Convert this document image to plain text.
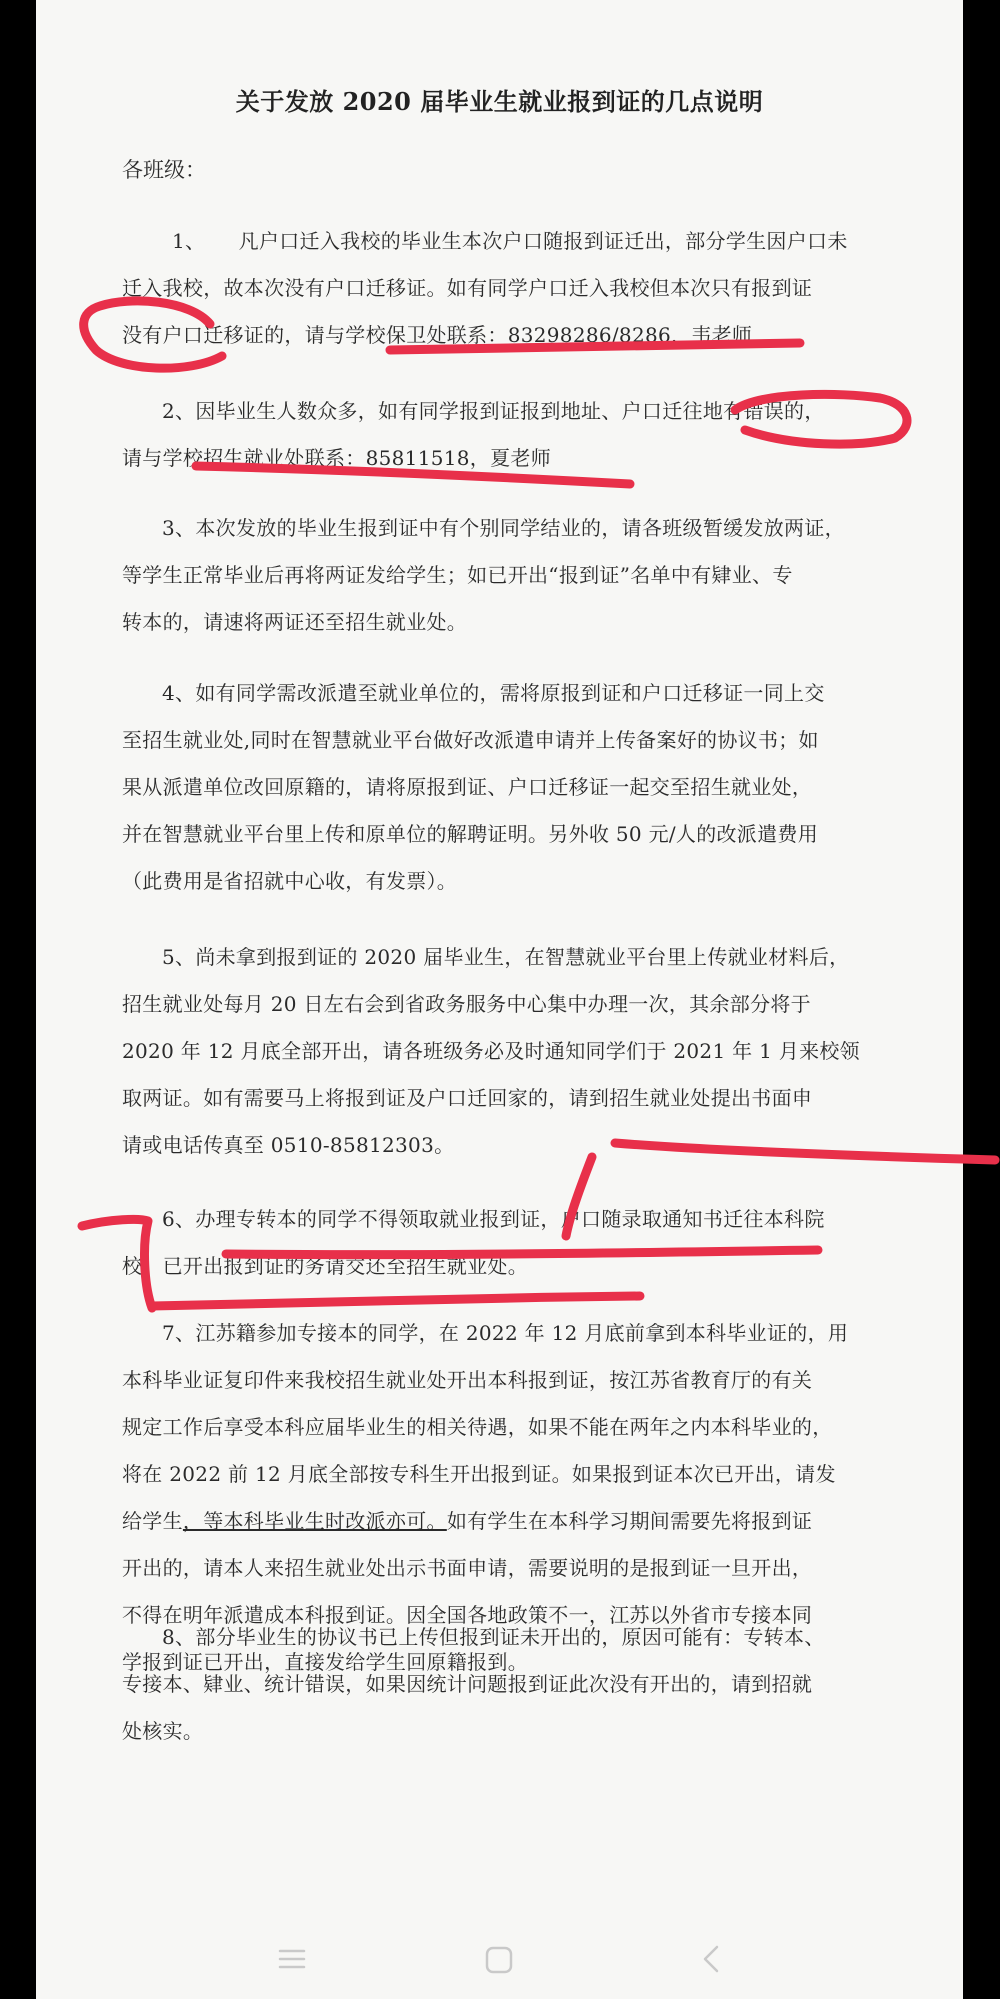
关于发放 2020 届毕业生就业报到证的几点说明
各班级：
1、 凡户口迁入我校的毕业生本次户口随报到证迁出，部分学生因户口未
迁入我校，故本次没有户口迁移证。如有同学户口迁入我校但本次只有报到证
没有户口迁移证的，请与学校保卫处联系：83298286/8286，韦老师
2、因毕业生人数众多，如有同学报到证报到地址、户口迁往地有错误的，
请与学校招生就业处联系：85811518，夏老师
3、本次发放的毕业生报到证中有个别同学结业的，请各班级暂缓发放两证，
等学生正常毕业后再将两证发给学生；如已开出“报到证”名单中有肄业、专
转本的，请速将两证还至招生就业处。
4、如有同学需改派遣至就业单位的，需将原报到证和户口迁移证一同上交
至招生就业处,同时在智慧就业平台做好改派遣申请并上传备案好的协议书；如
果从派遣单位改回原籍的，请将原报到证、户口迁移证一起交至招生就业处，
并在智慧就业平台里上传和原单位的解聘证明。另外收 50 元/人的改派遣费用
（此费用是省招就中心收，有发票）。
5、尚未拿到报到证的 2020 届毕业生，在智慧就业平台里上传就业材料后，
招生就业处每月 20 日左右会到省政务服务中心集中办理一次，其余部分将于
2020 年 12 月底全部开出，请各班级务必及时通知同学们于 2021 年 1 月来校领
取两证。如有需要马上将报到证及户口迁回家的，请到招生就业处提出书面申
请或电话传真至 0510-85812303。
6、办理专转本的同学不得领取就业报到证，户口随录取通知书迁往本科院
校，已开出报到证的务请交还至招生就业处。
7、江苏籍参加专接本的同学，在 2022 年 12 月底前拿到本科毕业证的，用
本科毕业证复印件来我校招生就业处开出本科报到证，按江苏省教育厅的有关
规定工作后享受本科应届毕业生的相关待遇，如果不能在两年之内本科毕业的，
将在 2022 前 12 月底全部按专科生开出报到证。如果报到证本次已开出，请发
给学生，等本科毕业生时改派亦可。如有学生在本科学习期间需要先将报到证
开出的，请本人来招生就业处出示书面申请，需要说明的是报到证一旦开出，
不得在明年派遣成本科报到证。因全国各地政策不一，江苏以外省市专接本同
学报到证已开出，直接发给学生回原籍报到。
8、部分毕业生的协议书已上传但报到证未开出的，原因可能有：专转本、
专接本、肄业、统计错误，如果因统计问题报到证此次没有开出的，请到招就
处核实。
